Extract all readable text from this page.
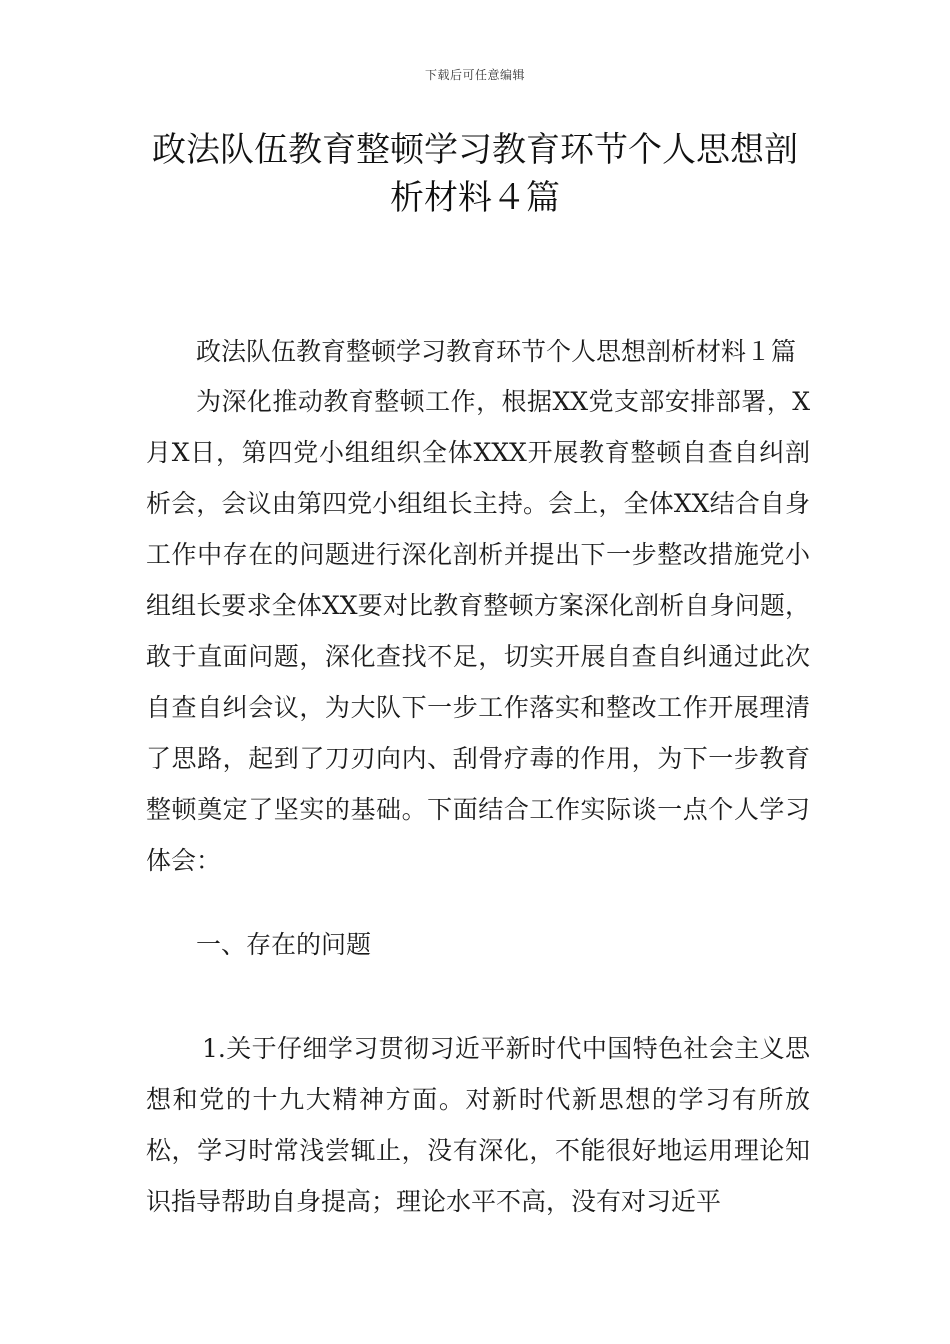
下载后可任意编辑
政法队伍教育整顿学习教育环节个人思想剖析材料４篇

政法队伍教育整顿学习教育环节个人思想剖析材料１篇

为深化推动教育整顿工作，根据XX党支部安排部署，X月X日，第四党小组组织全体XXX开展教育整顿自查自纠剖析会，会议由第四党小组组长主持。会上，全体XX结合自身工作中存在的问题进行深化剖析并提出下一步整改措施党小组组长要求全体XX要对比教育整顿方案深化剖析自身问题，敢于直面问题，深化查找不足，切实开展自查自纠通过此次自查自纠会议，为大队下一步工作落实和整改工作开展理清了思路，起到了刀刃向内、刮骨疗毒的作用，为下一步教育整顿奠定了坚实的基础。下面结合工作实际谈一点个人学习体会：

一、存在的问题

1.关于仔细学习贯彻习近平新时代中国特色社会主义思想和党的十九大精神方面。对新时代新思想的学习有所放松，学习时常浅尝辄止，没有深化，不能很好地运用理论知识指导帮助自身提高；理论水平不高，没有对习近平
